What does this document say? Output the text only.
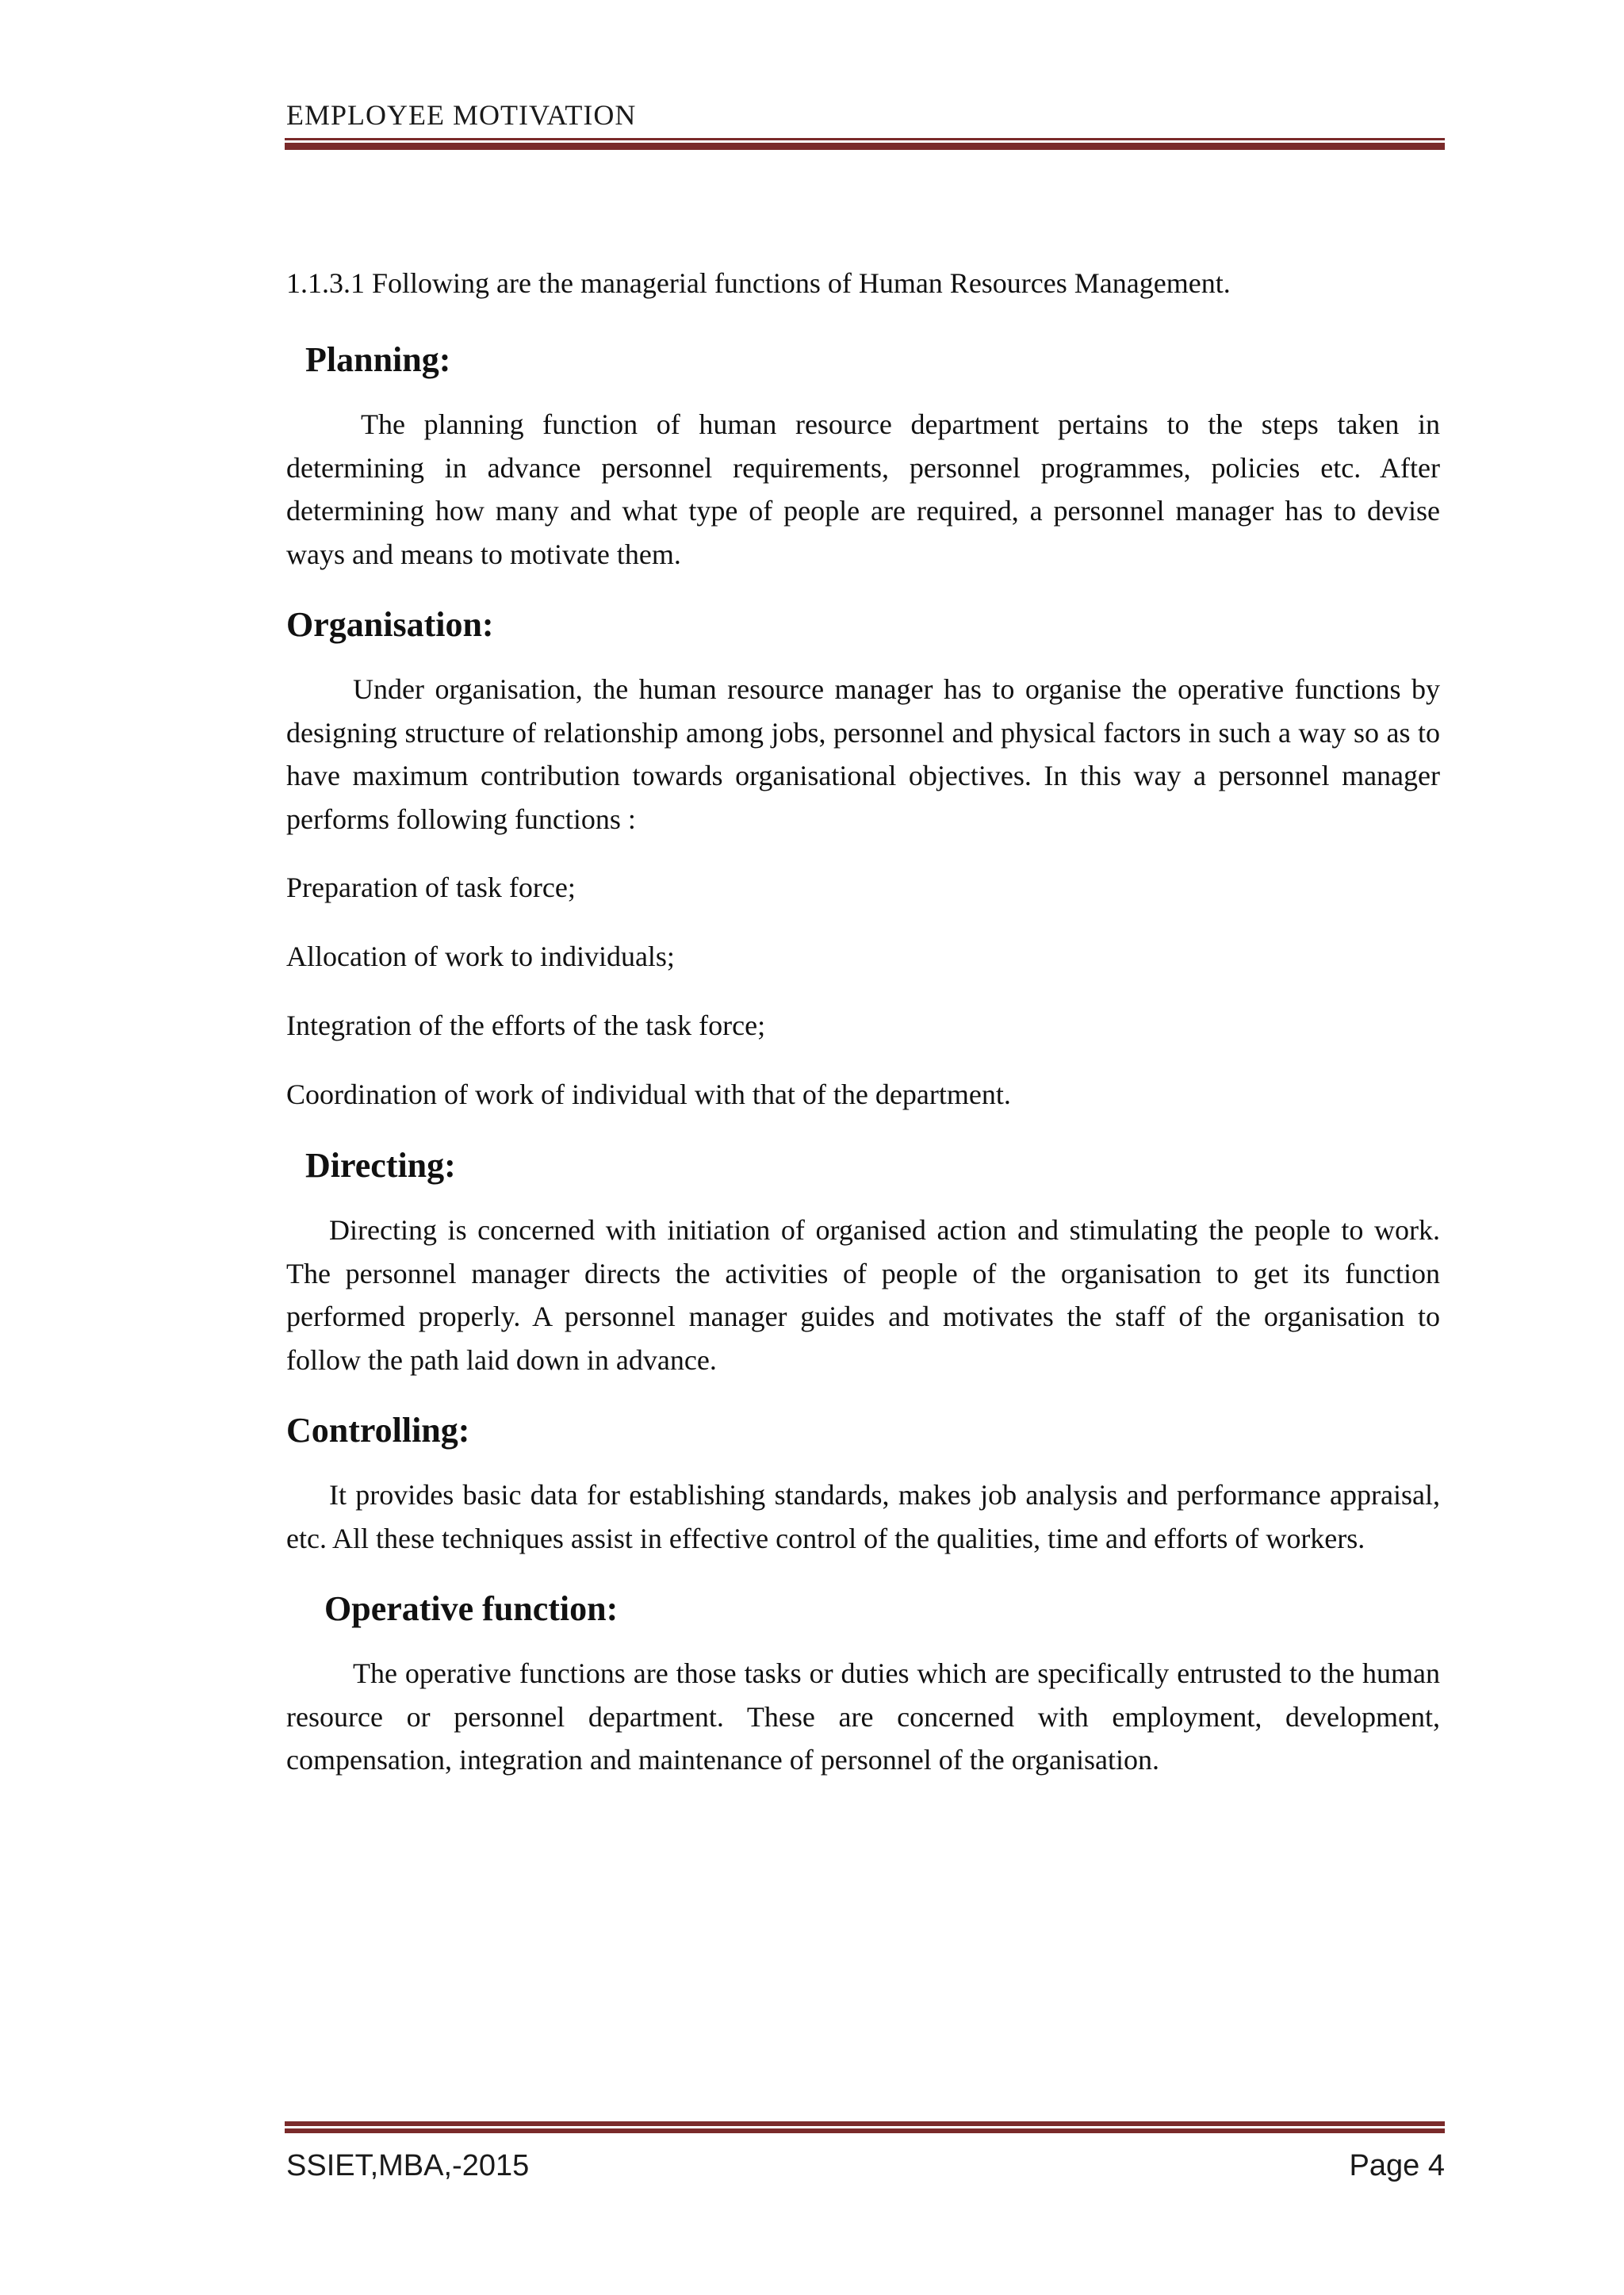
EMPLOYEE MOTIVATION

1.1.3.1 Following are the managerial functions of Human Resources Management.

Planning:

The planning function of human resource department pertains to the steps taken in determining in advance personnel requirements, personnel programmes, policies etc. After determining how many and what type of people are required, a personnel manager has to devise ways and means to motivate them.

Organisation:

Under organisation, the human resource manager has to organise the operative functions by designing structure of relationship among jobs, personnel and physical factors in such a way so as to have maximum contribution towards organisational objectives. In this way a personnel manager performs following functions :

Preparation of task force;
Allocation of work to individuals;
Integration of the efforts of the task force;
Coordination of work of individual with that of the department.
Directing:

Directing is concerned with initiation of organised action and stimulating the people to work. The personnel manager directs the activities of people of the organisation to get its function performed properly. A personnel manager guides and motivates the staff of the organisation to follow the path laid down in advance.

Controlling:

It provides basic data for establishing standards, makes job analysis and performance appraisal, etc. All these techniques assist in effective control of the qualities, time and efforts of workers.

Operative function:

The operative functions are those tasks or duties which are specifically entrusted to the human resource or personnel department. These are concerned with employment, development, compensation, integration and maintenance of personnel of the organisation.

SSIET,MBA,-2015	Page 4
